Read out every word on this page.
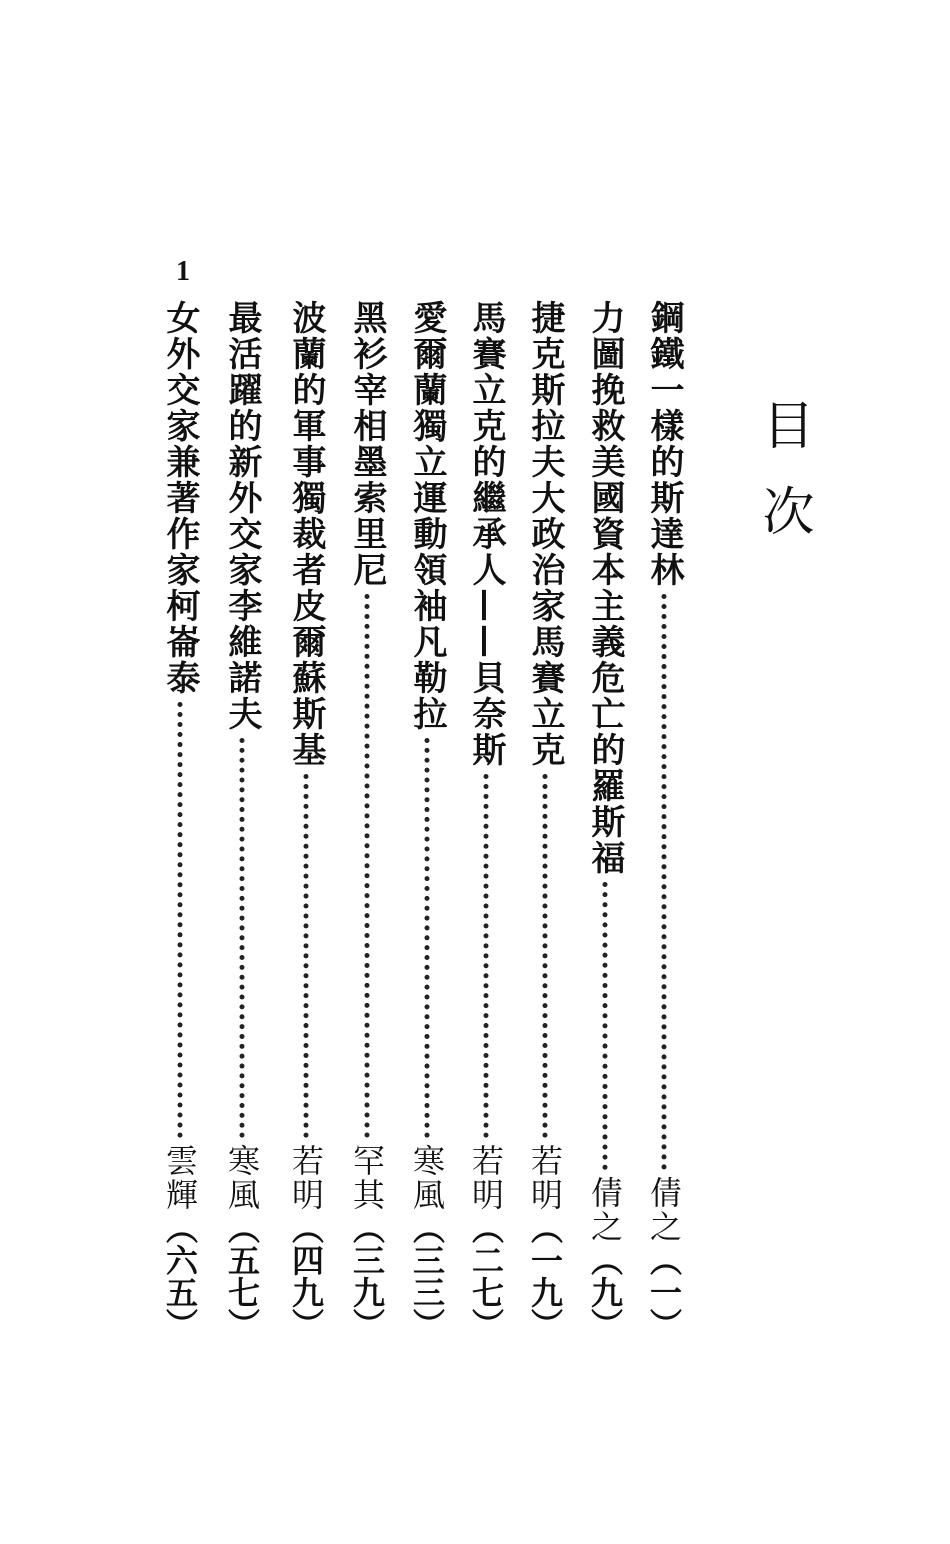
目次
1
鋼鐵一樣的斯達林
倩之
（一）
力圖挽救美國資本主義危亡的羅斯福
倩之
（九）
捷克斯拉夫大政治家馬賽立克
若明
（一九）
馬賽立克的繼承人——貝奈斯
若明
（二七）
愛爾蘭獨立運動領袖凡勒拉
寒風
（三三）
黑衫宰相墨索里尼
罕其
（三九）
波蘭的軍事獨裁者皮爾蘇斯基
若明
（四九）
最活躍的新外交家李維諾夫
寒風
（五七）
女外交家兼著作家柯崙泰
雲輝
（六五）
